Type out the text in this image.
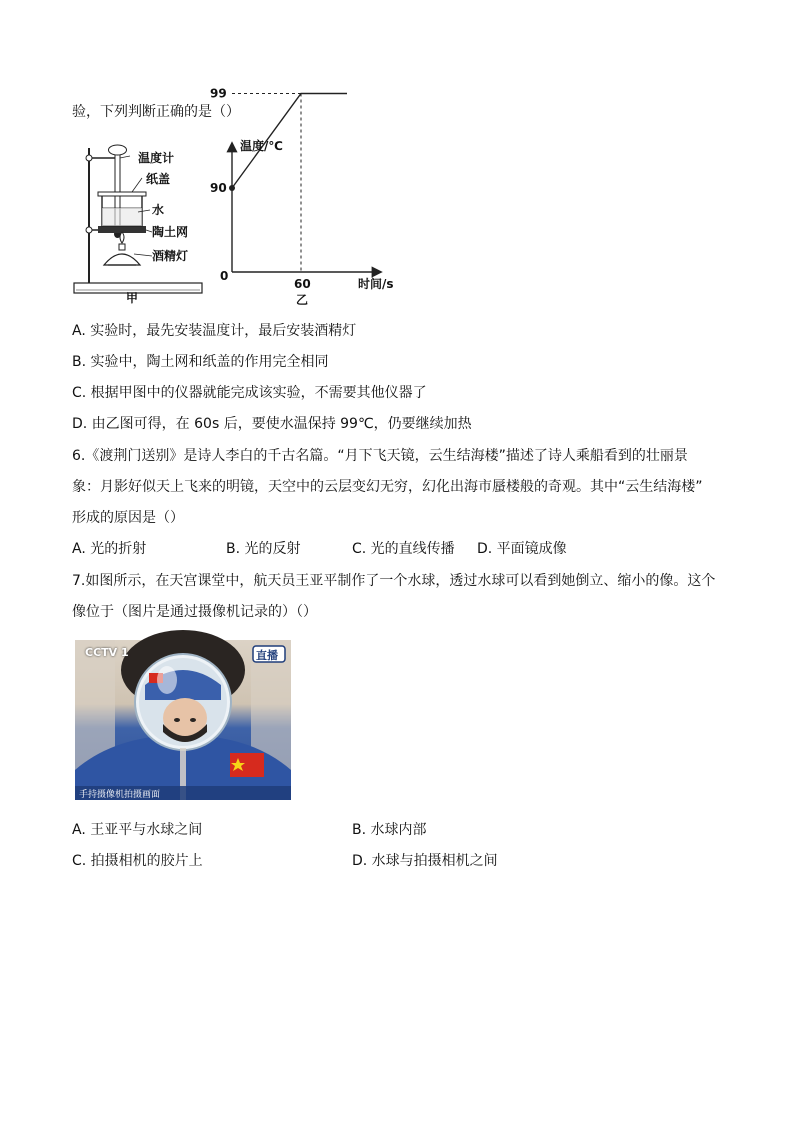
验，下列判断正确的是（）
温度计
纸盖
水
陶土网
酒精灯
甲
温度/℃
时间/s
0
90
99
60
乙
A. 实验时，最先安装温度计，最后安装酒精灯
B. 实验中，陶土网和纸盖的作用完全相同
C. 根据甲图中的仪器就能完成该实验，不需要其他仪器了
D. 由乙图可得，在 60s 后，要使水温保持 99℃，仍要继续加热
6.《渡荆门送别》是诗人李白的千古名篇。“月下飞天镜，云生结海楼”描述了诗人乘船看到的壮丽景
象：月影好似天上飞来的明镜，天空中的云层变幻无穷，幻化出海市蜃楼般的奇观。其中“云生结海楼”
形成的原因是（）
A. 光的折射	B. 光的反射	C. 光的直线传播 D. 平面镜成像
7.如图所示，在天宫课堂中，航天员王亚平制作了一个水球，透过水球可以看到她倒立、缩小的像。这个
像位于（图片是通过摄像机记录的）（）
CCTV 1	直播
手持摄像机拍摄画面
A. 王亚平与水球之间	B. 水球内部
C. 拍摄相机的胶片上	D. 水球与拍摄相机之间
